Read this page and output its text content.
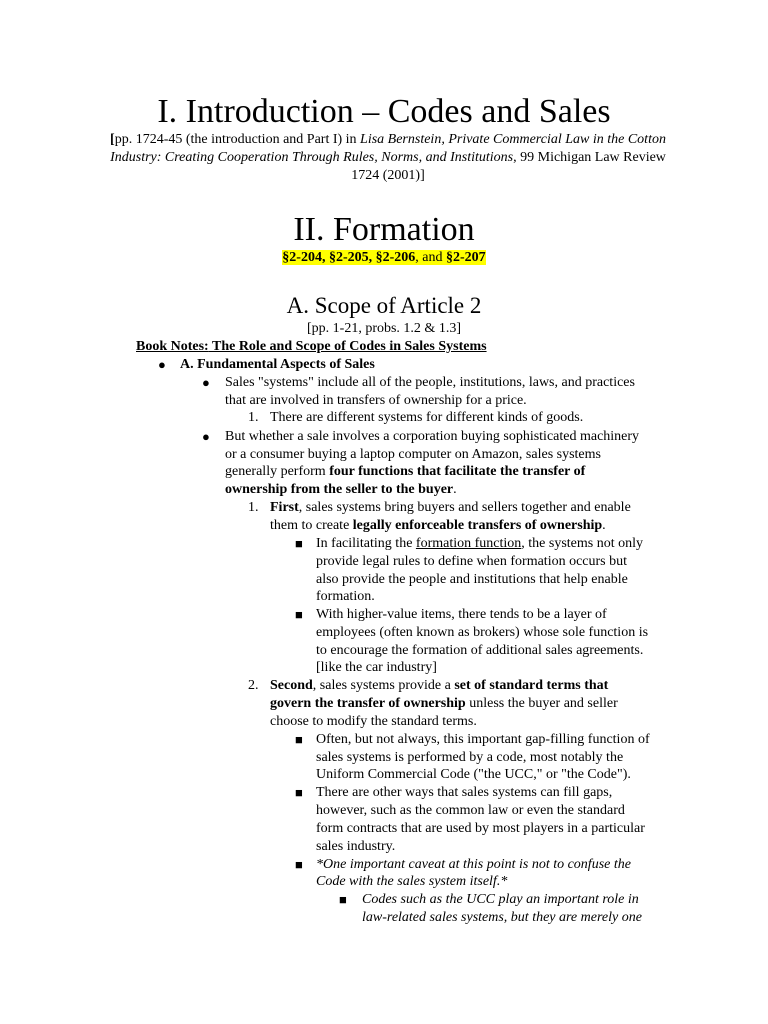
I. Introduction – Codes and Sales
[pp. 1724-45 (the introduction and Part I) in Lisa Bernstein, Private Commercial Law in the Cotton Industry: Creating Cooperation Through Rules, Norms, and Institutions, 99 Michigan Law Review 1724 (2001)]
II. Formation
§2-204, §2-205, §2-206, and §2-207
A. Scope of Article 2
[pp. 1-21, probs. 1.2 & 1.3]
Book Notes: The Role and Scope of Codes in Sales Systems
● A. Fundamental Aspects of Sales
● Sales "systems" include all of the people, institutions, laws, and practices
that are involved in transfers of ownership for a price.
1. There are different systems for different kinds of goods.
● But whether a sale involves a corporation buying sophisticated machinery
or a consumer buying a laptop computer on Amazon, sales systems
generally perform four functions that facilitate the transfer of
ownership from the seller to the buyer.
1. First, sales systems bring buyers and sellers together and enable
them to create legally enforceable transfers of ownership.
■ In facilitating the formation function, the systems not only
provide legal rules to define when formation occurs but
also provide the people and institutions that help enable
formation.
■ With higher-value items, there tends to be a layer of
employees (often known as brokers) whose sole function is
to encourage the formation of additional sales agreements.
[like the car industry]
2. Second, sales systems provide a set of standard terms that
govern the transfer of ownership unless the buyer and seller
choose to modify the standard terms.
■ Often, but not always, this important gap-filling function of
sales systems is performed by a code, most notably the
Uniform Commercial Code ("the UCC," or "the Code").
■ There are other ways that sales systems can fill gaps,
however, such as the common law or even the standard
form contracts that are used by most players in a particular
sales industry.
■ *One important caveat at this point is not to confuse the
Code with the sales system itself.*
■ Codes such as the UCC play an important role in
law-related sales systems, but they are merely one
